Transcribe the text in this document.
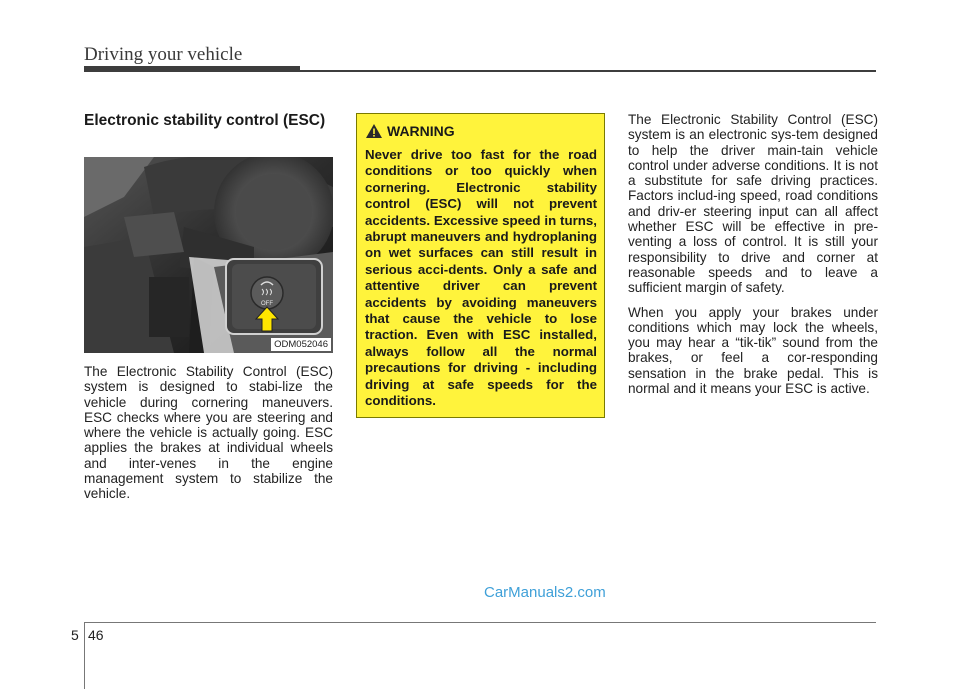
Driving your vehicle
Electronic stability control (ESC)
OFF
ODM052046
The Electronic Stability Control (ESC) system is designed to stabi-lize the vehicle during cornering maneuvers. ESC checks where you are steering and where the vehicle is actually going. ESC applies the brakes at individual wheels and inter-venes in the engine management system to stabilize the vehicle.
WARNING
Never drive too fast for the road conditions or too quickly when cornering. Electronic stability control (ESC) will not prevent accidents. Excessive speed in turns, abrupt maneuvers and hydroplaning on wet surfaces can still result in serious acci-dents. Only a safe and attentive driver can prevent accidents by avoiding maneuvers that cause the vehicle to lose traction. Even with ESC installed, always follow all the normal precautions for driving - including driving at safe speeds for the conditions.

The Electronic Stability Control (ESC) system is an electronic sys-tem designed to help the driver main-tain vehicle control under adverse conditions. It is not a substitute for safe driving practices. Factors includ-ing speed, road conditions and driv-er steering input can all affect whether ESC will be effective in pre-venting a loss of control. It is still your responsibility to drive and corner at reasonable speeds and to leave a sufficient margin of safety.

When you apply your brakes under conditions which may lock the wheels, you may hear a “tik-tik” sound from the brakes, or feel a cor-responding sensation in the brake pedal. This is normal and it means your ESC is active.

CarManuals2.com
5 46
